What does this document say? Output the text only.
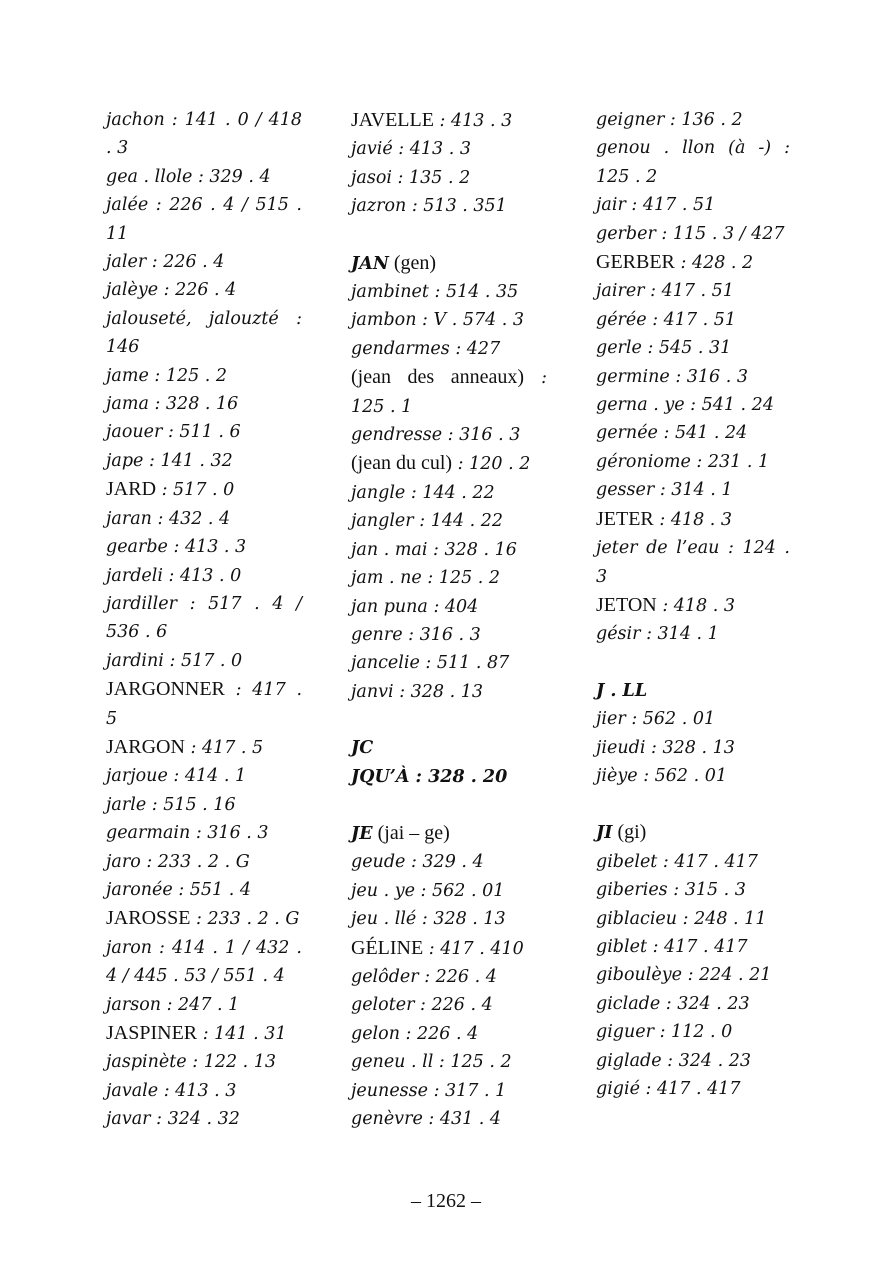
jachon : 141 . 0 / 418 . 3

gea . llole : 329 . 4

jalée : 226 . 4 / 515 . 11

jaler : 226 . 4

jalèye : 226 . 4

jalouseté, jalouzté : 146

jame : 125 . 2

jama : 328 . 16

jaouer : 511 . 6

jape : 141 . 32

JARD : 517 . 0

jaran : 432 . 4

gearbe : 413 . 3

jardeli : 413 . 0

jardiller : 517 . 4 / 536 . 6

jardini : 517 . 0

JARGONNER : 417 . 5

JARGON : 417 . 5

jarjoue : 414 . 1

jarle : 515 . 16

gearmain : 316 . 3

jaro : 233 . 2 . G

jaronée : 551 . 4

JAROSSE : 233 . 2 . G

jaron : 414 . 1 / 432 . 4 / 445 . 53 / 551 . 4

jarson : 247 . 1

JASPINER : 141 . 31

jaspinète : 122 . 13

javale : 413 . 3

javar : 324 . 32

JAVELLE : 413 . 3

javié : 413 . 3

jasoi : 135 . 2

jazron : 513 . 351

JAN (gen)

jambinet : 514 . 35

jambon : V . 574 . 3

gendarmes : 427

(jean des anneaux) : 125 . 1

gendresse : 316 . 3

(jean du cul) : 120 . 2

jangle : 144 . 22

jangler : 144 . 22

jan . mai : 328 . 16

jam . ne : 125 . 2

jan puna : 404

genre : 316 . 3

jancelie : 511 . 87

janvi : 328 . 13

JC

JQU’À : 328 . 20

JE (jai – ge)

geude : 329 . 4

jeu . ye : 562 . 01

jeu . llé : 328 . 13

GÉLINE : 417 . 410

gelôder : 226 . 4

geloter : 226 . 4

gelon : 226 . 4

geneu . ll : 125 . 2

jeunesse : 317 . 1

genèvre : 431 . 4

geigner : 136 . 2

genou . llon (à -) : 125 . 2

jair : 417 . 51

gerber : 115 . 3 / 427

GERBER : 428 . 2

jairer : 417 . 51

gérée : 417 . 51

gerle : 545 . 31

germine : 316 . 3

gerna . ye : 541 . 24

gernée : 541 . 24

géroniome : 231 . 1

gesser : 314 . 1

JETER : 418 . 3

jeter de l’eau : 124 . 3

JETON : 418 . 3

gésir : 314 . 1

J . LL

jier : 562 . 01

jieudi : 328 . 13

jièye : 562 . 01

JI (gi)

gibelet : 417 . 417

giberies : 315 . 3

giblacieu : 248 . 11

giblet : 417 . 417

giboulèye : 224 . 21

giclade : 324 . 23

giguer : 112 . 0

giglade : 324 . 23

gigié : 417 . 417

– 1262 –
